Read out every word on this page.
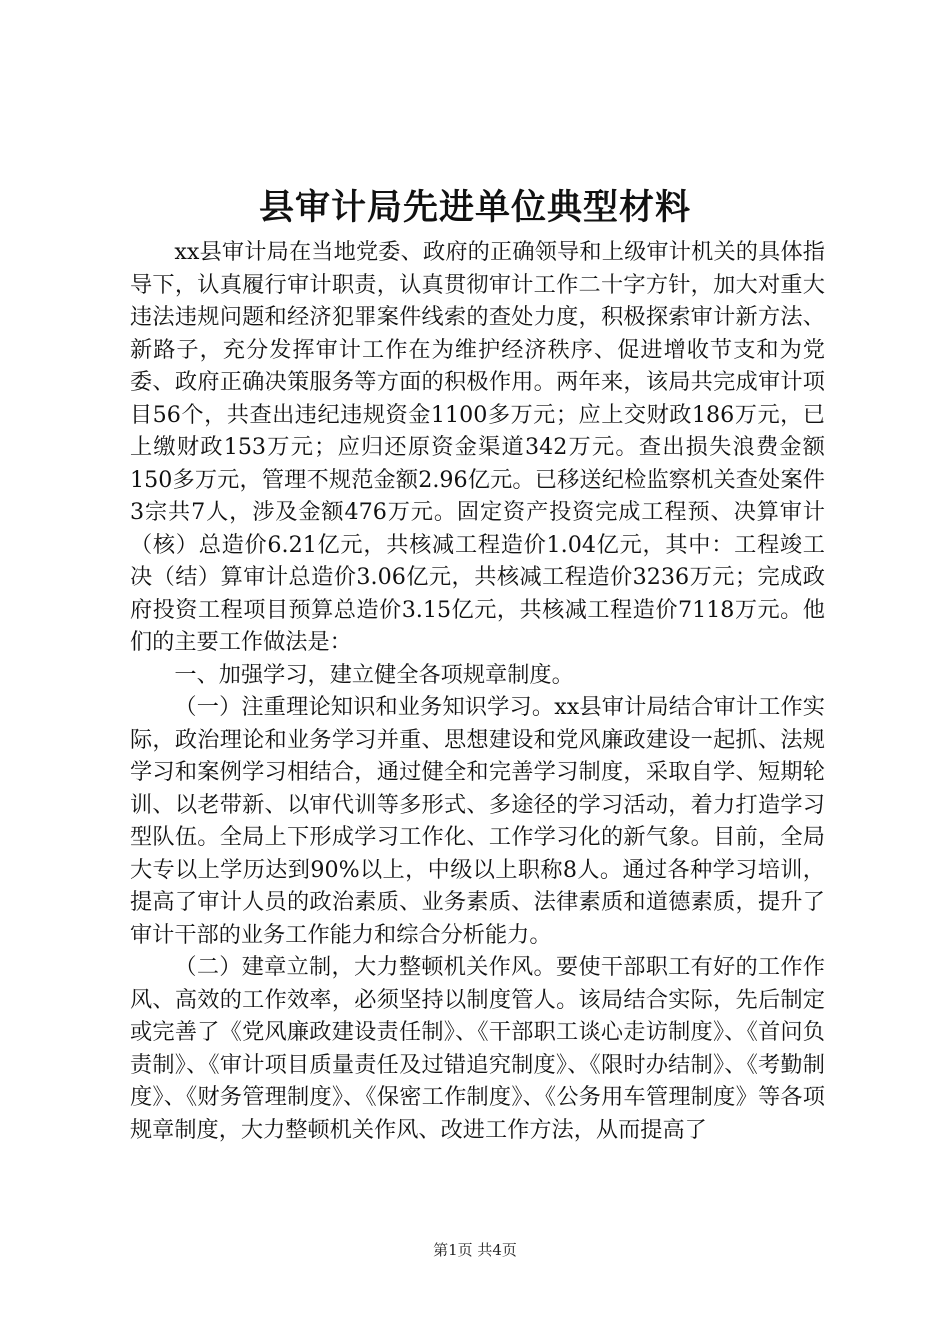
县审计局先进单位典型材料

xx县审计局在当地党委、政府的正确领导和上级审计机关的具体指导下，认真履行审计职责，认真贯彻审计工作二十字方针，加大对重大违法违规问题和经济犯罪案件线索的查处力度，积极探索审计新方法、新路子，充分发挥审计工作在为维护经济秩序、促进增收节支和为党委、政府正确决策服务等方面的积极作用。两年来，该局共完成审计项目56个，共查出违纪违规资金1100多万元；应上交财政186万元，已上缴财政153万元；应归还原资金渠道342万元。查出损失浪费金额150多万元，管理不规范金额2.96亿元。已移送纪检监察机关查处案件3宗共7人，涉及金额476万元。固定资产投资完成工程预、决算审计（核）总造价6.21亿元，共核减工程造价1.04亿元，其中：工程竣工决（结）算审计总造价3.06亿元，共核减工程造价3236万元；完成政府投资工程项目预算总造价3.15亿元，共核减工程造价7118万元。他们的主要工作做法是：

一、加强学习，建立健全各项规章制度。

（一）注重理论知识和业务知识学习。xx县审计局结合审计工作实际，政治理论和业务学习并重、思想建设和党风廉政建设一起抓、法规学习和案例学习相结合，通过健全和完善学习制度，采取自学、短期轮训、以老带新、以审代训等多形式、多途径的学习活动，着力打造学习型队伍。全局上下形成学习工作化、工作学习化的新气象。目前，全局大专以上学历达到90%以上，中级以上职称8人。通过各种学习培训，提高了审计人员的政治素质、业务素质、法律素质和道德素质，提升了审计干部的业务工作能力和综合分析能力。

（二）建章立制，大力整顿机关作风。要使干部职工有好的工作作风、高效的工作效率，必须坚持以制度管人。该局结合实际，先后制定或完善了《党风廉政建设责任制》、《干部职工谈心走访制度》、《首问负责制》、《审计项目质量责任及过错追究制度》、《限时办结制》、《考勤制度》、《财务管理制度》、《保密工作制度》、《公务用车管理制度》等各项规章制度，大力整顿机关作风、改进工作方法，从而提高了

第1页 共4页
